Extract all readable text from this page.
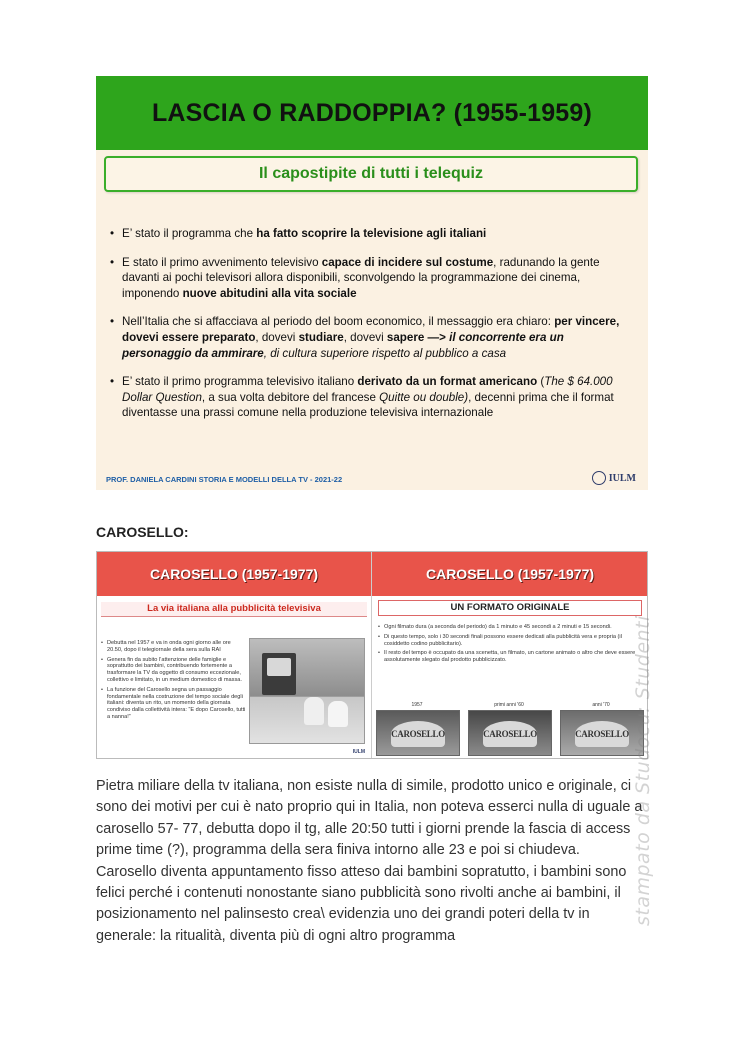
LASCIA O RADDOPPIA? (1955-1959)
Il capostipite di tutti i telequiz
• E’ stato il programma che ha fatto scoprire la televisione agli italiani
• E stato il primo avvenimento televisivo capace di incidere sul costume, radunando la gente davanti ai pochi televisori allora disponibili, sconvolgendo la programmazione dei cinema, imponendo nuove abitudini alla vita sociale
• Nell’Italia che si affacciava al periodo del boom economico, il messaggio era chiaro: per vincere, dovevi essere preparato, dovevi studiare, dovevi sapere —> il concorrente era un personaggio da ammirare, di cultura superiore rispetto al pubblico a casa
• E’ stato il primo programma televisivo italiano derivato da un format americano (The $ 64.000 Dollar Question, a sua volta debitore del francese Quitte ou double), decenni prima che il format diventasse una prassi comune nella produzione televisiva internazionale
PROF. DANIELA CARDINI STORIA E MODELLI DELLA TV - 2021-22	IULM
CAROSELLO:
CAROSELLO (1957-1977)
La via italiana alla pubblicità televisiva
• Debutta nel 1957 e va in onda ogni giorno alle ore 20.50, dopo il telegiornale della sera sulla RAI
• Genera fin da subito l’attenzione delle famiglie e soprattutto dei bambini, contribuendo fortemente a trasformare la TV da oggetto di consumo eccezionale, collettivo e limitato, in un medium domestico di massa.
• La funzione del Carosello segna un passaggio fondamentale nella costruzione del tempo sociale degli italiani: diventa un rito, un momento della giornata condiviso dalla collettività intera: “E dopo Carosello, tutti a nanna!”
IULM
CAROSELLO (1957-1977)
UN FORMATO ORIGINALE
• Ogni filmato dura (a seconda del periodo) da 1 minuto e 45 secondi a 2 minuti e 15 secondi.
• Di questo tempo, solo i 30 secondi finali possono essere dedicati alla pubblicità vera e propria (il cosiddetto codino pubblicitario).
• Il resto del tempo è occupato da una scenetta, un filmato, un cartone animato o altro che deve essere assolutamente slegato dal prodotto pubblicizzato.
CAROSELLO	CAROSELLO	CAROSELLO
1957	primi anni '60	anni '70
Pietra miliare della tv italiana, non esiste nulla di simile, prodotto unico e originale, ci sono dei motivi per cui è nato proprio qui in Italia, non poteva esserci nulla di uguale a carosello 57- 77, debutta dopo il tg, alle 20:50 tutti i giorni prende la fascia di access prime time (?), programma della sera finiva intorno alle 23 e poi si chiudeva. Carosello diventa appuntamento fisso atteso dai bambini sopratutto, i bambini sono felici perché i contenuti nonostante siano pubblicità sono rivolti anche ai bambini, il posizionamento nel palinsesto crea\ evidenzia uno dei grandi poteri della tv in generale: la ritualità, diventa più di ogni altro programma
stampato da Studocu: Studenti
